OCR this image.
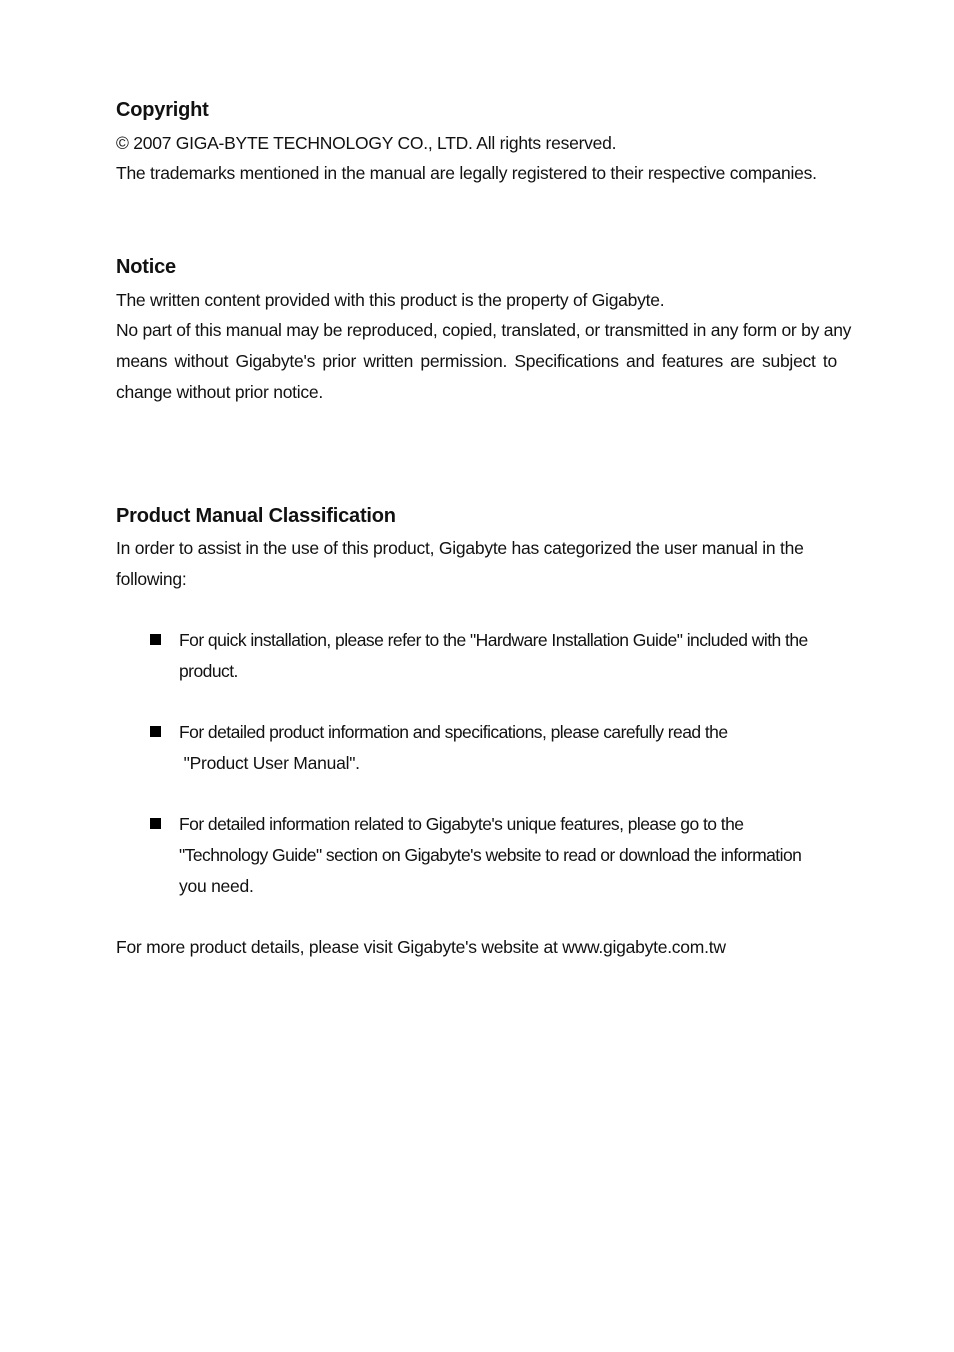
Copyright
© 2007 GIGA-BYTE TECHNOLOGY CO., LTD. All rights reserved.
The trademarks mentioned in the manual are legally registered to their respective companies.
Notice
The written content provided with this product is the property of Gigabyte.
No part of this manual may be reproduced, copied, translated, or transmitted in any form or by any
means without Gigabyte's prior written permission. Specifications and features are subject to
change without prior notice.
Product Manual Classification
In order to assist in the use of this product, Gigabyte has categorized the user manual in the
following:
For quick installation, please refer to the "Hardware Installation Guide" included with the
product.
For detailed product information and specifications, please carefully read the
"Product User Manual".
For detailed information related to Gigabyte's unique features, please go to the
"Technology Guide" section on Gigabyte's website to read or download the information
you need.
For more product details, please visit Gigabyte's website at www.gigabyte.com.tw
